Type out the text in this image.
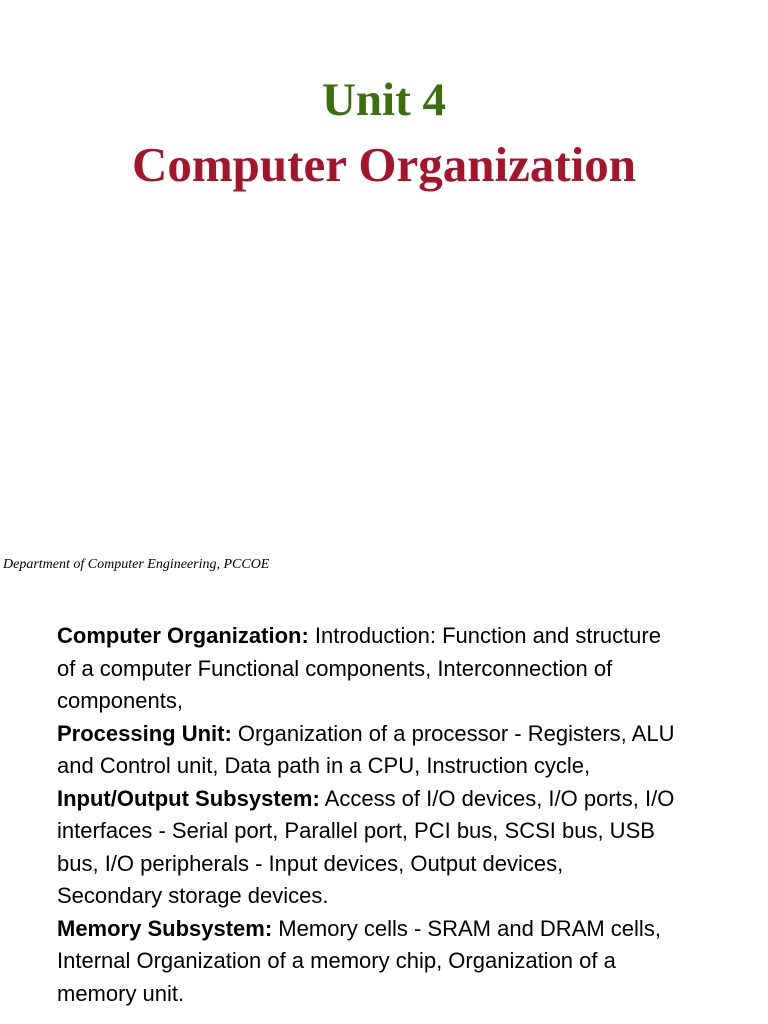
Unit 4
Computer Organization

Department of Computer Engineering, PCCOE

Computer Organization: Introduction: Function and structure
of a computer Functional components, Interconnection of
components,

Processing Unit: Organization of a processor - Registers, ALU
and Control unit, Data path in a CPU, Instruction cycle,

Input/Output Subsystem: Access of I/O devices, I/O ports, I/O
interfaces - Serial port, Parallel port, PCI bus, SCSI bus, USB
bus, I/O peripherals - Input devices, Output devices,
Secondary storage devices.

Memory Subsystem: Memory cells - SRAM and DRAM cells,
Internal Organization of a memory chip, Organization of a
memory unit.
